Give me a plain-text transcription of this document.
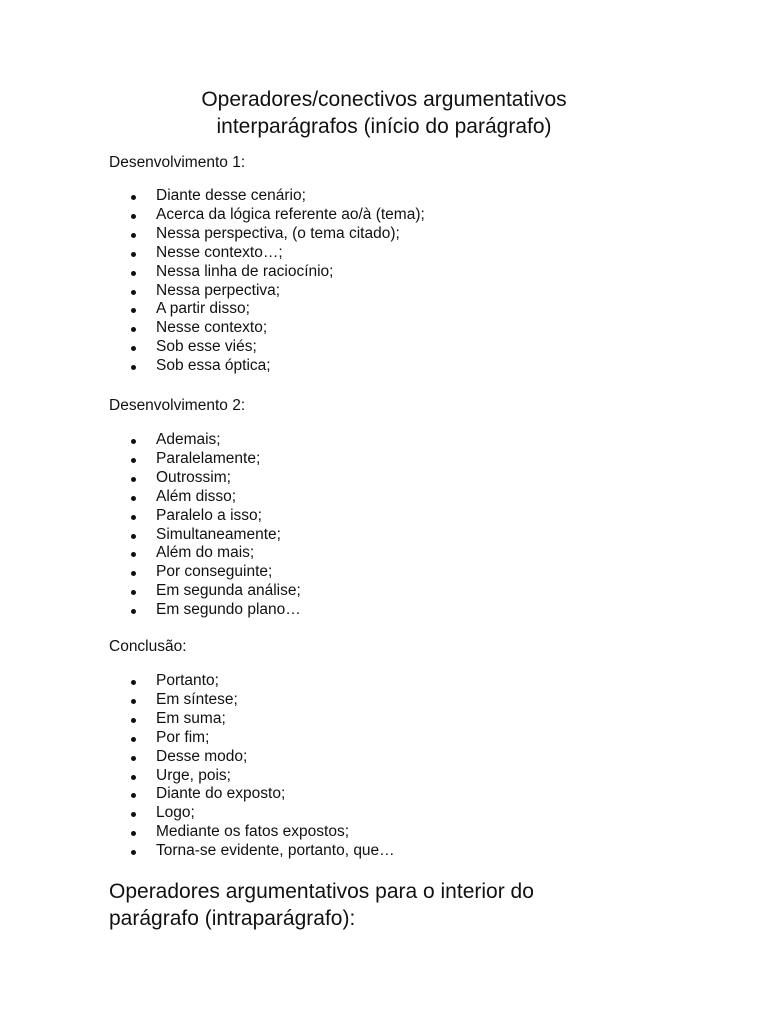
Operadores/conectivos argumentativos
interparágrafos (início do parágrafo)

Desenvolvimento 1:

Diante desse cenário;
Acerca da lógica referente ao/à (tema);
Nessa perspectiva, (o tema citado);
Nesse contexto…;
Nessa linha de raciocínio;
Nessa perpectiva;
A partir disso;
Nesse contexto;
Sob esse viés;
Sob essa óptica;

Desenvolvimento 2:

Ademais;
Paralelamente;
Outrossim;
Além disso;
Paralelo a isso;
Simultaneamente;
Além do mais;
Por conseguinte;
Em segunda análise;
Em segundo plano…

Conclusão:

Portanto;
Em síntese;
Em suma;
Por fim;
Desse modo;
Urge, pois;
Diante do exposto;
Logo;
Mediante os fatos expostos;
Torna-se evidente, portanto, que…
Operadores argumentativos para o interior do
parágrafo (intraparágrafo):
